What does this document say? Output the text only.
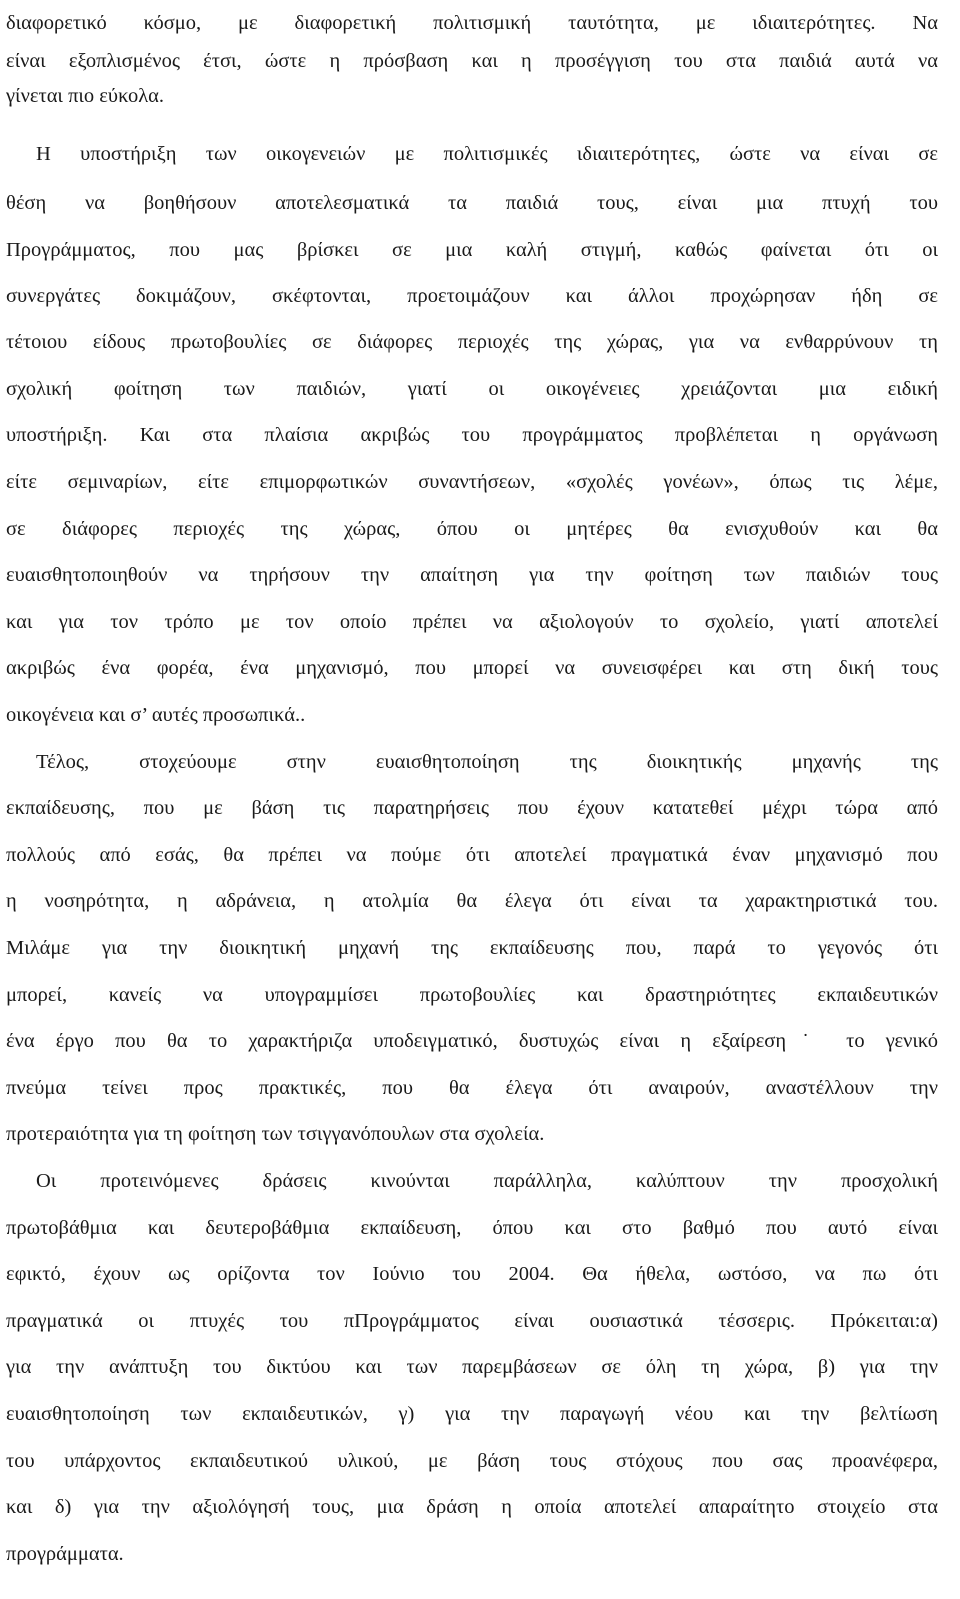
διαφορετικό κόσμο, με διαφορετική πολιτισμική ταυτότητα, με ιδιαιτερότητες. Να
είναι εξοπλισμένος έτσι, ώστε η πρόσβαση και η προσέγγιση του στα παιδιά αυτά να
γίνεται πιο εύκολα.
Η υποστήριξη των οικογενειών με πολιτισμικές ιδιαιτερότητες, ώστε να είναι σε
θέση να βοηθήσουν αποτελεσματικά τα παιδιά τους, είναι μια πτυχή του
Προγράμματος, που μας βρίσκει σε μια καλή στιγμή, καθώς φαίνεται ότι οι
συνεργάτες δοκιμάζουν, σκέφτονται, προετοιμάζουν και άλλοι προχώρησαν ήδη σε
τέτοιου είδους πρωτοβουλίες σε διάφορες περιοχές της χώρας, για να ενθαρρύνουν τη
σχολική φοίτηση των παιδιών, γιατί οι οικογένειες χρειάζονται μια ειδική
υποστήριξη. Και στα πλαίσια ακριβώς του προγράμματος προβλέπεται η οργάνωση
είτε σεμιναρίων, είτε επιμορφωτικών συναντήσεων, «σχολές γονέων», όπως τις λέμε,
σε διάφορες περιοχές της χώρας, όπου οι μητέρες θα ενισχυθούν και θα
ευαισθητοποιηθούν να τηρήσουν την απαίτηση για την φοίτηση των παιδιών τους
και για τον τρόπο με τον οποίο πρέπει να αξιολογούν το σχολείο, γιατί αποτελεί
ακριβώς ένα φορέα, ένα μηχανισμό, που μπορεί να συνεισφέρει και στη δική τους
οικογένεια και σ’ αυτές προσωπικά..
Τέλος, στοχεύουμε στην ευαισθητοποίηση της διοικητικής μηχανής της
εκπαίδευσης, που με βάση τις παρατηρήσεις που έχουν κατατεθεί μέχρι τώρα από
πολλούς από εσάς, θα πρέπει να πούμε ότι αποτελεί πραγματικά έναν μηχανισμό που
η νοσηρότητα, η αδράνεια, η ατολμία θα έλεγα ότι είναι τα χαρακτηριστικά του.
Μιλάμε για την διοικητική μηχανή της εκπαίδευσης που, παρά το γεγονός ότι
μπορεί, κανείς να υπογραμμίσει πρωτοβουλίες και δραστηριότητες εκπαιδευτικών
ένα έργο που θα το χαρακτήριζα υποδειγματικό, δυστυχώς είναι η εξαίρεση˙ το γενικό
πνεύμα τείνει προς πρακτικές, που θα έλεγα ότι αναιρούν, αναστέλλουν την
προτεραιότητα για τη φοίτηση των τσιγγανόπουλων στα σχολεία.
Οι προτεινόμενες δράσεις κινούνται παράλληλα, καλύπτουν την προσχολική
πρωτοβάθμια και δευτεροβάθμια εκπαίδευση, όπου και στο βαθμό που αυτό είναι
εφικτό, έχουν ως ορίζοντα τον Ιούνιο του 2004. Θα ήθελα, ωστόσο, να πω ότι
πραγματικά οι πτυχές του πΠρογράμματος είναι ουσιαστικά τέσσερις. Πρόκειται:α)
για την ανάπτυξη του δικτύου και των παρεμβάσεων σε όλη τη χώρα, β) για την
ευαισθητοποίηση των εκπαιδευτικών, γ) για την παραγωγή νέου και την βελτίωση
του υπάρχοντος εκπαιδευτικού υλικού, με βάση τους στόχους που σας προανέφερα,
και δ) για την αξιολόγησή τους, μια δράση η οποία αποτελεί απαραίτητο στοιχείο στα
προγράμματα.
